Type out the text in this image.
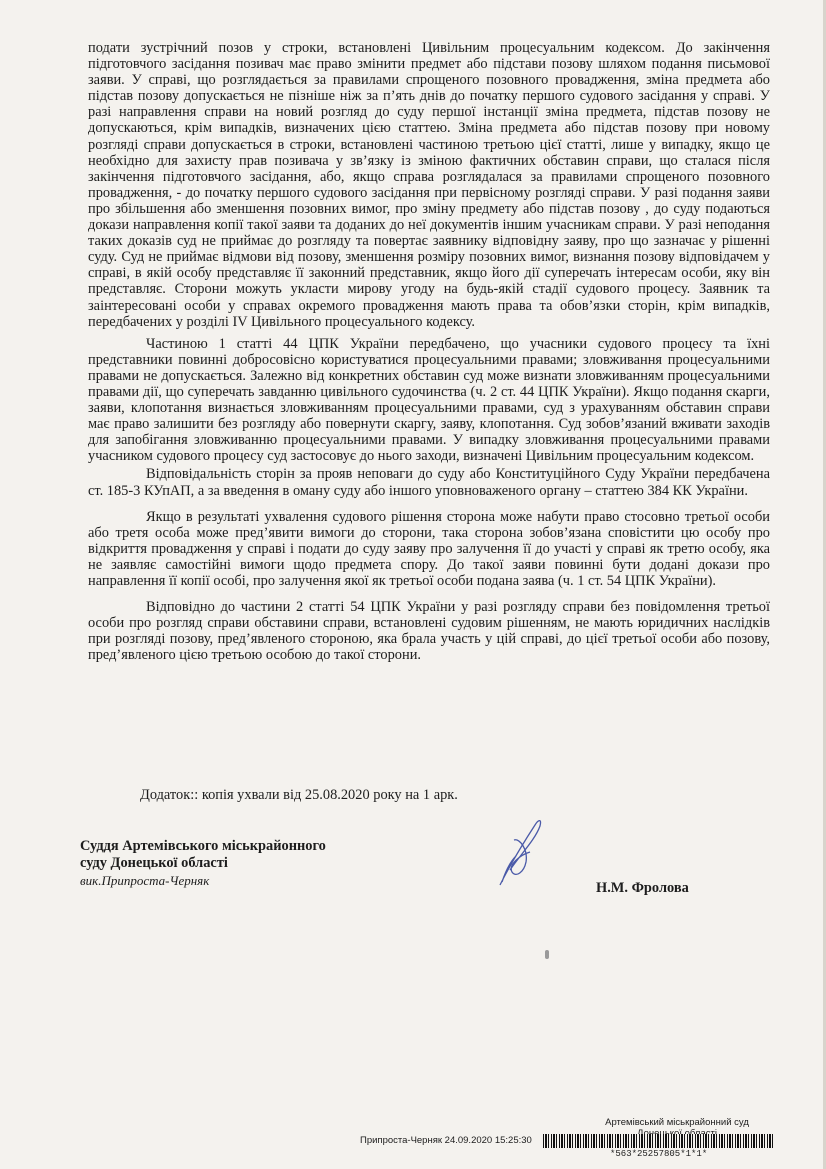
подати зустрічний позов у строки, встановлені Цивільним процесуальним кодексом. До закінчення підготовчого засідання позивач має право змінити предмет або підстави позову шляхом подання письмової заяви. У справі, що розглядається за правилами спрощеного позовного провадження, зміна предмета або підстав позову допускається не пізніше ніж за п’ять днів до початку першого судового засідання у справі. У разі направлення справи на новий розгляд до суду першої інстанції зміна предмета, підстав позову не допускаються, крім випадків, визначених цією статтею. Зміна предмета або підстав позову при новому розгляді справи допускається в строки, встановлені частиною третьою цієї статті, лише у випадку, якщо це необхідно для захисту прав позивача у зв’язку із зміною фактичних обставин справи, що сталася після закінчення підготовчого засідання, або, якщо справа розглядалася за правилами спрощеного позовного провадження, - до початку першого судового засідання при первісному розгляді справи. У разі подання заяви про збільшення або зменшення позовних вимог, про зміну предмету або підстав позову , до суду подаються докази направлення копії такої заяви та доданих до неї документів іншим учасникам справи. У разі неподання таких доказів суд не приймає до розгляду та повертає заявнику відповідну заяву, про що зазначає у рішенні суду. Суд не приймає відмови від позову, зменшення розміру позовних вимог, визнання позову відповідачем у справі, в якій особу представляє її законний представник, якщо його дії суперечать інтересам особи, яку він представляє. Сторони можуть укласти мирову угоду на будь-якій стадії судового процесу. Заявник та заінтересовані особи у справах окремого провадження мають права та обов’язки сторін, крім випадків, передбачених у розділі IV Цивільного процесуального кодексу.

Частиною 1 статті 44 ЦПК України передбачено, що учасники судового процесу та їхні представники повинні добросовісно користуватися процесуальними правами; зловживання процесуальними правами не допускається. Залежно від конкретних обставин суд може визнати зловживанням процесуальними правами дії, що суперечать завданню цивільного судочинства (ч. 2 ст. 44 ЦПК України). Якщо подання скарги, заяви, клопотання визнається зловживанням процесуальними правами, суд з урахуванням обставин справи має право залишити без розгляду або повернути скаргу, заяву, клопотання. Суд зобов’язаний вживати заходів для запобігання зловживанню процесуальними правами. У випадку зловживання процесуальними правами учасником судового процесу суд застосовує до нього заходи, визначені Цивільним процесуальним кодексом.

Відповідальність сторін за прояв неповаги до суду або Конституційного Суду України передбачена ст. 185-3 КУпАП, а за введення в оману суду або іншого уповноваженого органу – статтею 384 КК України.

Якщо в результаті ухвалення судового рішення сторона може набути право стосовно третьої особи або третя особа може пред’явити вимоги до сторони, така сторона зобов’язана сповістити цю особу про відкриття провадження у справі і подати до суду заяву про залучення її до участі у справі як третю особу, яка не заявляє самостійні вимоги щодо предмета спору. До такої заяви повинні бути додані докази про направлення її копії особі, про залучення якої як третьої особи подана заява (ч. 1 ст. 54 ЦПК України).

Відповідно до частини 2 статті 54 ЦПК України у разі розгляду справи без повідомлення третьої особи про розгляд справи обставини справи, встановлені судовим рішенням, не мають юридичних наслідків при розгляді позову, пред’явленого стороною, яка брала участь у цій справі, до цієї третьої особи або позову, пред’явленого цією третьою особою до такої сторони.

Додаток:: копія ухвали від 25.08.2020 року на 1 арк.
Суддя Артемівського міськрайонного
суду Донецької області
вик.Припроста-Черняк	Н.М. Фролова
Артемівський міськрайонний суд
Припроста-Черняк 24.09.2020 15:25:30
*563*25257805*1*1*
